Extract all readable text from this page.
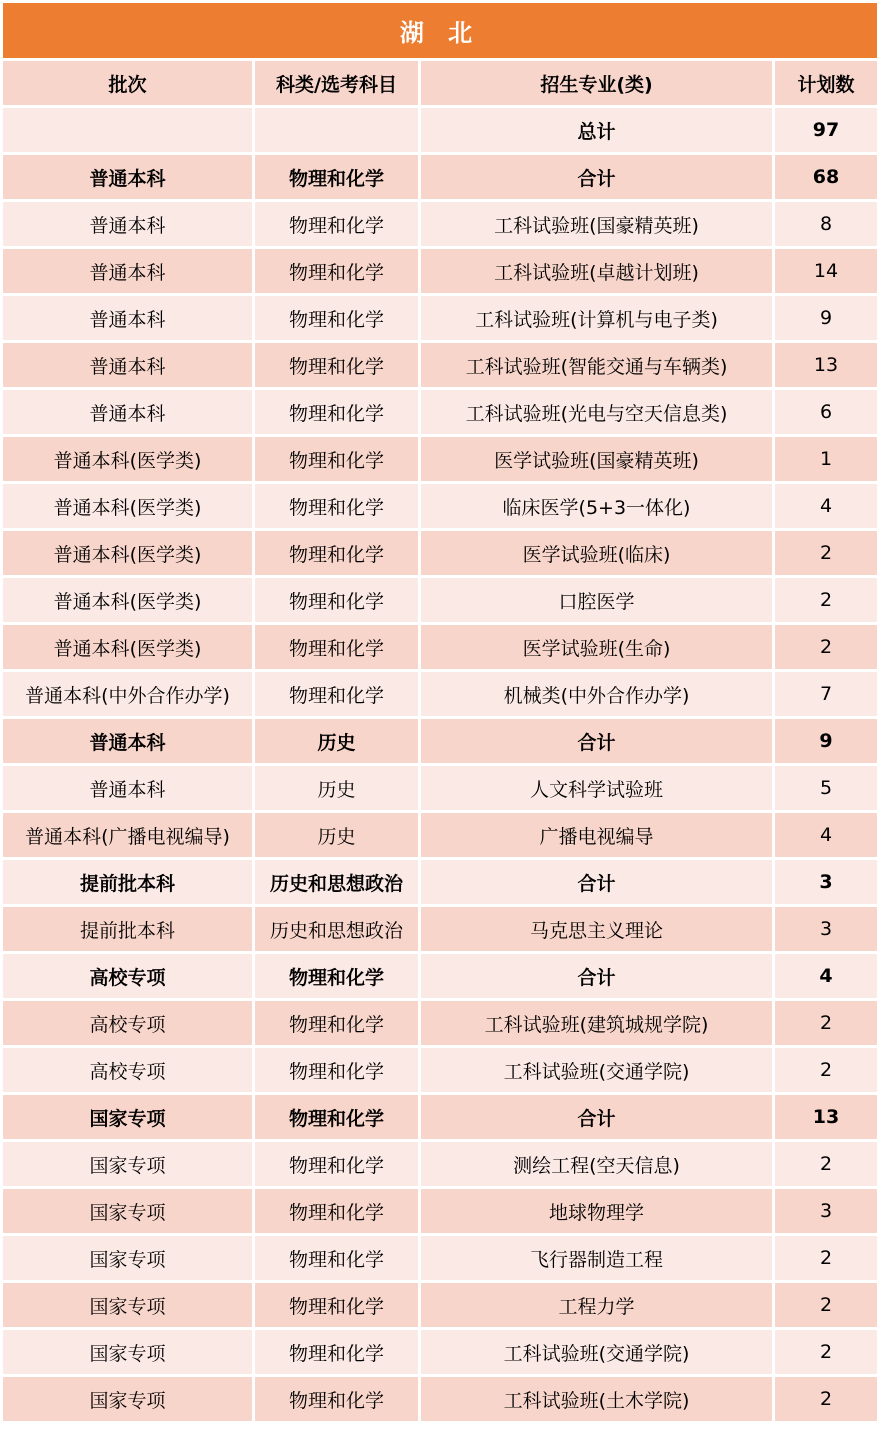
湖 北
批次	科类/选考科目	招生专业(类)	计划数
		总计	97
普通本科	物理和化学	合计	68
普通本科	物理和化学	工科试验班(国豪精英班)	8
普通本科	物理和化学	工科试验班(卓越计划班)	14
普通本科	物理和化学	工科试验班(计算机与电子类)	9
普通本科	物理和化学	工科试验班(智能交通与车辆类)	13
普通本科	物理和化学	工科试验班(光电与空天信息类)	6
普通本科(医学类)	物理和化学	医学试验班(国豪精英班)	1
普通本科(医学类)	物理和化学	临床医学(5+3一体化)	4
普通本科(医学类)	物理和化学	医学试验班(临床)	2
普通本科(医学类)	物理和化学	口腔医学	2
普通本科(医学类)	物理和化学	医学试验班(生命)	2
普通本科(中外合作办学)	物理和化学	机械类(中外合作办学)	7
普通本科	历史	合计	9
普通本科	历史	人文科学试验班	5
普通本科(广播电视编导)	历史	广播电视编导	4
提前批本科	历史和思想政治	合计	3
提前批本科	历史和思想政治	马克思主义理论	3
高校专项	物理和化学	合计	4
高校专项	物理和化学	工科试验班(建筑城规学院)	2
高校专项	物理和化学	工科试验班(交通学院)	2
国家专项	物理和化学	合计	13
国家专项	物理和化学	测绘工程(空天信息)	2
国家专项	物理和化学	地球物理学	3
国家专项	物理和化学	飞行器制造工程	2
国家专项	物理和化学	工程力学	2
国家专项	物理和化学	工科试验班(交通学院)	2
国家专项	物理和化学	工科试验班(土木学院)	2
